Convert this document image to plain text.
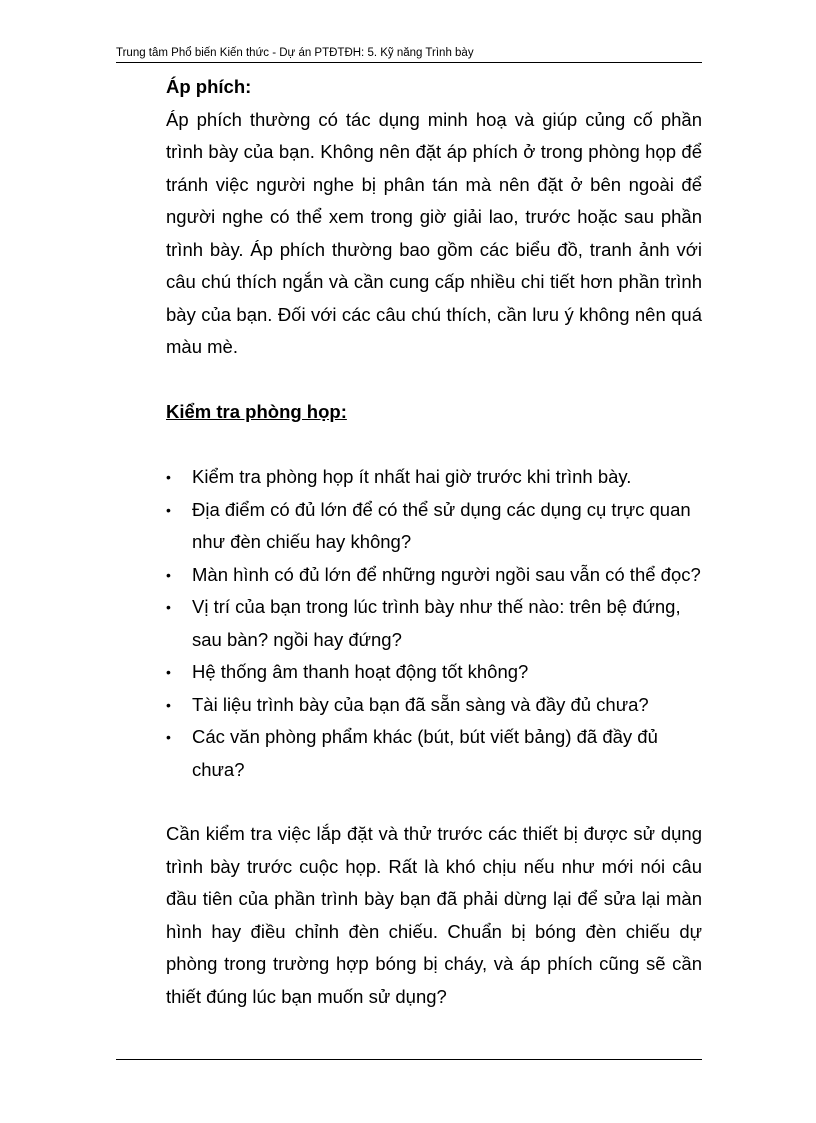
Trung tâm Phổ biến Kiến thức - Dự án PTĐTĐH: 5. Kỹ năng Trình bày

Áp phích:

Áp phích thường có tác dụng minh hoạ và giúp củng cố phần trình bày của bạn. Không nên đặt áp phích ở trong phòng họp để tránh việc người nghe bị phân tán mà nên đặt ở bên ngoài để người nghe có thể xem trong giờ giải lao, trước hoặc sau phần trình bày. Áp phích thường bao gồm các biểu đồ, tranh ảnh với câu chú thích ngắn và cần cung cấp nhiều chi tiết hơn phần trình bày của bạn. Đối với các câu chú thích, cần lưu ý không nên quá màu mè.

Kiểm tra phòng họp:

•	Kiểm tra phòng họp ít nhất hai giờ trước khi trình bày.
•	Địa điểm có đủ lớn để có thể sử dụng các dụng cụ trực quan như đèn chiếu hay không?
•	Màn hình có đủ lớn để những người ngồi sau vẫn có thể đọc?
•	Vị trí của bạn trong lúc trình bày như thế nào: trên bệ đứng, sau bàn? ngồi hay đứng?
•	Hệ thống âm thanh hoạt động tốt không?
•	Tài liệu trình bày của bạn đã sẵn sàng và đầy đủ chưa?
•	Các văn phòng phẩm khác (bút, bút viết bảng) đã đầy đủ chưa?

Cần kiểm tra việc lắp đặt và thử trước các thiết bị được sử dụng trình bày trước cuộc họp. Rất là khó chịu nếu như mới nói câu đầu tiên của phần trình bày bạn đã phải dừng lại để sửa lại màn hình hay điều chỉnh đèn chiếu. Chuẩn bị bóng đèn chiếu dự phòng trong trường hợp bóng bị cháy, và áp phích cũng sẽ cần thiết đúng lúc bạn muốn sử dụng?
